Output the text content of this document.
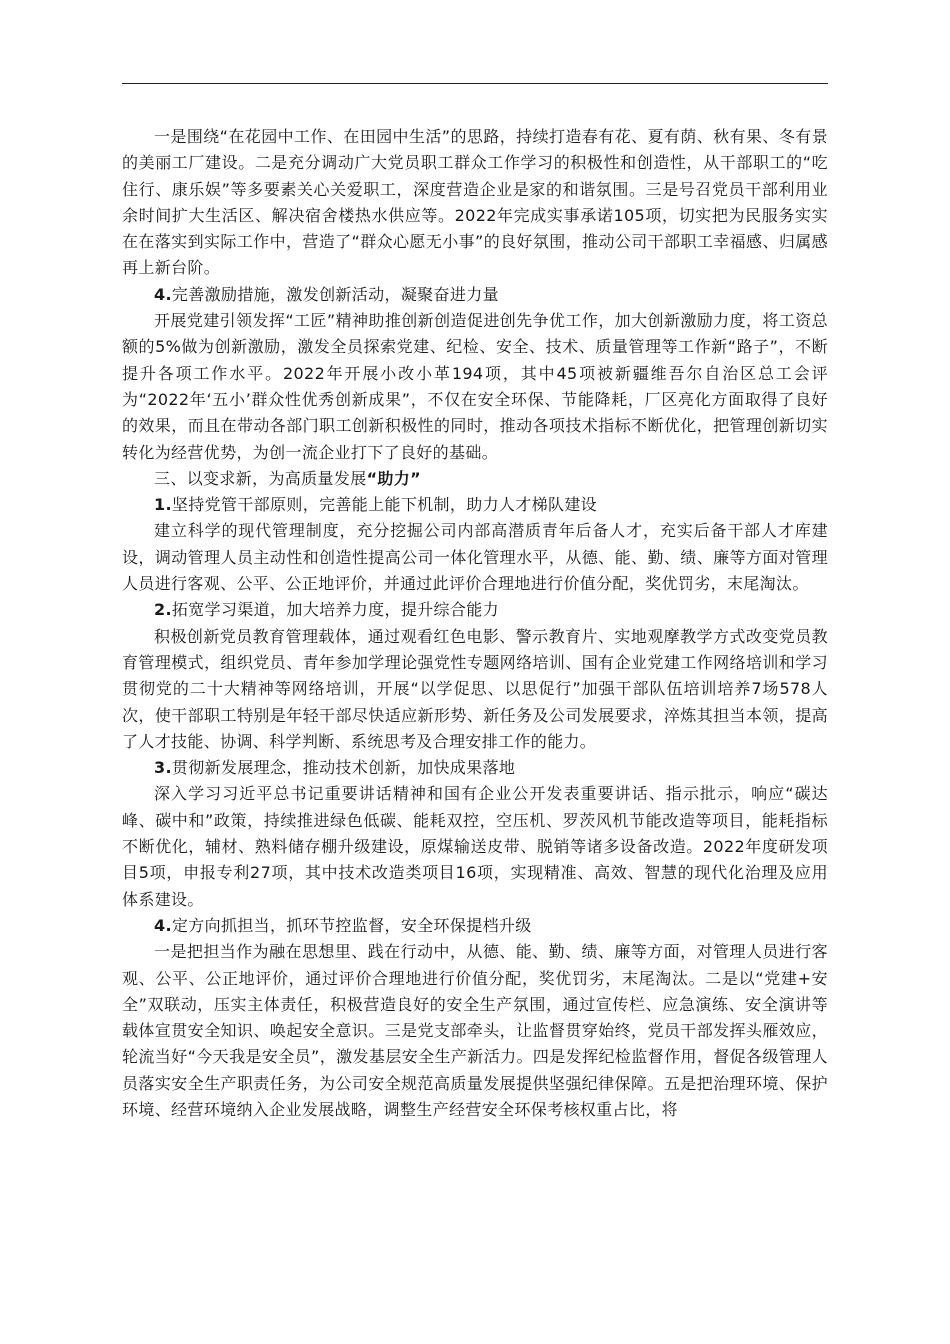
一是围绕“在花园中工作、在田园中生活”的思路，持续打造春有花、夏有荫、秋有果、冬有景的美丽工厂建设。二是充分调动广大党员职工群众工作学习的积极性和创造性，从干部职工的“吃住行、康乐娱”等多要素关心关爱职工，深度营造企业是家的和谐氛围。三是号召党员干部利用业余时间扩大生活区、解决宿舍楼热水供应等。2022年完成实事承诺105项，切实把为民服务实实在在落实到实际工作中，营造了“群众心愿无小事”的良好氛围，推动公司干部职工幸福感、归属感再上新台阶。

4.完善激励措施，激发创新活动，凝聚奋进力量

开展党建引领发挥“工匠”精神助推创新创造促进创先争优工作，加大创新激励力度，将工资总额的5%做为创新激励，激发全员探索党建、纪检、安全、技术、质量管理等工作新“路子”，不断提升各项工作水平。2022年开展小改小革194项，其中45项被新疆维吾尔自治区总工会评为“2022年‘五小’群众性优秀创新成果”，不仅在安全环保、节能降耗，厂区亮化方面取得了良好的效果，而且在带动各部门职工创新积极性的同时，推动各项技术指标不断优化，把管理创新切实转化为经营优势，为创一流企业打下了良好的基础。

三、以变求新，为高质量发展“助力”

1.坚持党管干部原则，完善能上能下机制，助力人才梯队建设

建立科学的现代管理制度，充分挖掘公司内部高潜质青年后备人才，充实后备干部人才库建设，调动管理人员主动性和创造性提高公司一体化管理水平，从德、能、勤、绩、廉等方面对管理人员进行客观、公平、公正地评价，并通过此评价合理地进行价值分配，奖优罚劣，末尾淘汰。

2.拓宽学习渠道，加大培养力度，提升综合能力

积极创新党员教育管理载体，通过观看红色电影、警示教育片、实地观摩教学方式改变党员教育管理模式，组织党员、青年参加学理论强党性专题网络培训、国有企业党建工作网络培训和学习贯彻党的二十大精神等网络培训，开展“以学促思、以思促行”加强干部队伍培训培养7场578人次，使干部职工特别是年轻干部尽快适应新形势、新任务及公司发展要求，淬炼其担当本领，提高了人才技能、协调、科学判断、系统思考及合理安排工作的能力。

3.贯彻新发展理念，推动技术创新，加快成果落地

深入学习习近平总书记重要讲话精神和国有企业公开发表重要讲话、指示批示，响应“碳达峰、碳中和”政策，持续推进绿色低碳、能耗双控，空压机、罗茨风机节能改造等项目，能耗指标不断优化，辅材、熟料储存棚升级建设，原煤输送皮带、脱销等诸多设备改造。2022年度研发项目5项，申报专利27项，其中技术改造类项目16项，实现精准、高效、智慧的现代化治理及应用体系建设。

4.定方向抓担当，抓环节控监督，安全环保提档升级

一是把担当作为融在思想里、践在行动中，从德、能、勤、绩、廉等方面，对管理人员进行客观、公平、公正地评价，通过评价合理地进行价值分配，奖优罚劣，末尾淘汰。二是以“党建+安全”双联动，压实主体责任，积极营造良好的安全生产氛围，通过宣传栏、应急演练、安全演讲等载体宣贯安全知识、唤起安全意识。三是党支部牵头，让监督贯穿始终，党员干部发挥头雁效应，轮流当好“今天我是安全员”，激发基层安全生产新活力。四是发挥纪检监督作用，督促各级管理人员落实安全生产职责任务，为公司安全规范高质量发展提供坚强纪律保障。五是把治理环境、保护环境、经营环境纳入企业发展战略，调整生产经营安全环保考核权重占比，将
